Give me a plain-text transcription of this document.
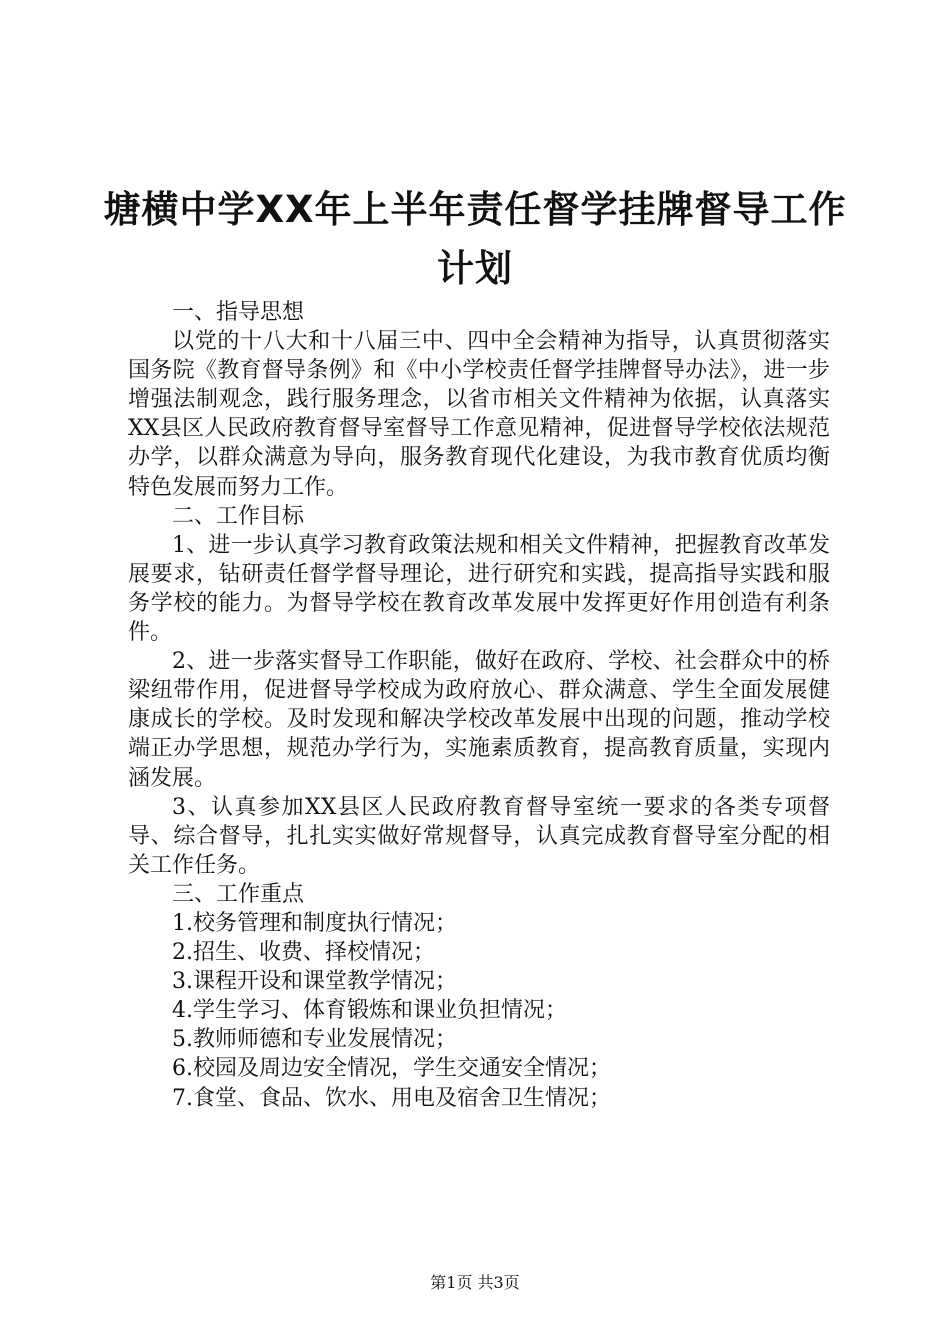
塘横中学XX年上半年责任督学挂牌督导工作
计划

一、指导思想

以党的十八大和十八届三中、四中全会精神为指导，认真贯彻落实国务院《教育督导条例》和《中小学校责任督学挂牌督导办法》，进一步增强法制观念，践行服务理念，以省市相关文件精神为依据，认真落实XX县区人民政府教育督导室督导工作意见精神，促进督导学校依法规范办学，以群众满意为导向，服务教育现代化建设，为我市教育优质均衡特色发展而努力工作。

二、工作目标

1、进一步认真学习教育政策法规和相关文件精神，把握教育改革发展要求，钻研责任督学督导理论，进行研究和实践，提高指导实践和服务学校的能力。为督导学校在教育改革发展中发挥更好作用创造有利条件。

2、进一步落实督导工作职能，做好在政府、学校、社会群众中的桥梁纽带作用，促进督导学校成为政府放心、群众满意、学生全面发展健康成长的学校。及时发现和解决学校改革发展中出现的问题，推动学校端正办学思想，规范办学行为，实施素质教育，提高教育质量，实现内涵发展。

3、认真参加XX县区人民政府教育督导室统一要求的各类专项督导、综合督导，扎扎实实做好常规督导，认真完成教育督导室分配的相关工作任务。

三、工作重点

1.校务管理和制度执行情况；

2.招生、收费、择校情况；

3.课程开设和课堂教学情况；

4.学生学习、体育锻炼和课业负担情况；

5.教师师德和专业发展情况；

6.校园及周边安全情况，学生交通安全情况；

7.食堂、食品、饮水、用电及宿舍卫生情况；

第1页 共3页
